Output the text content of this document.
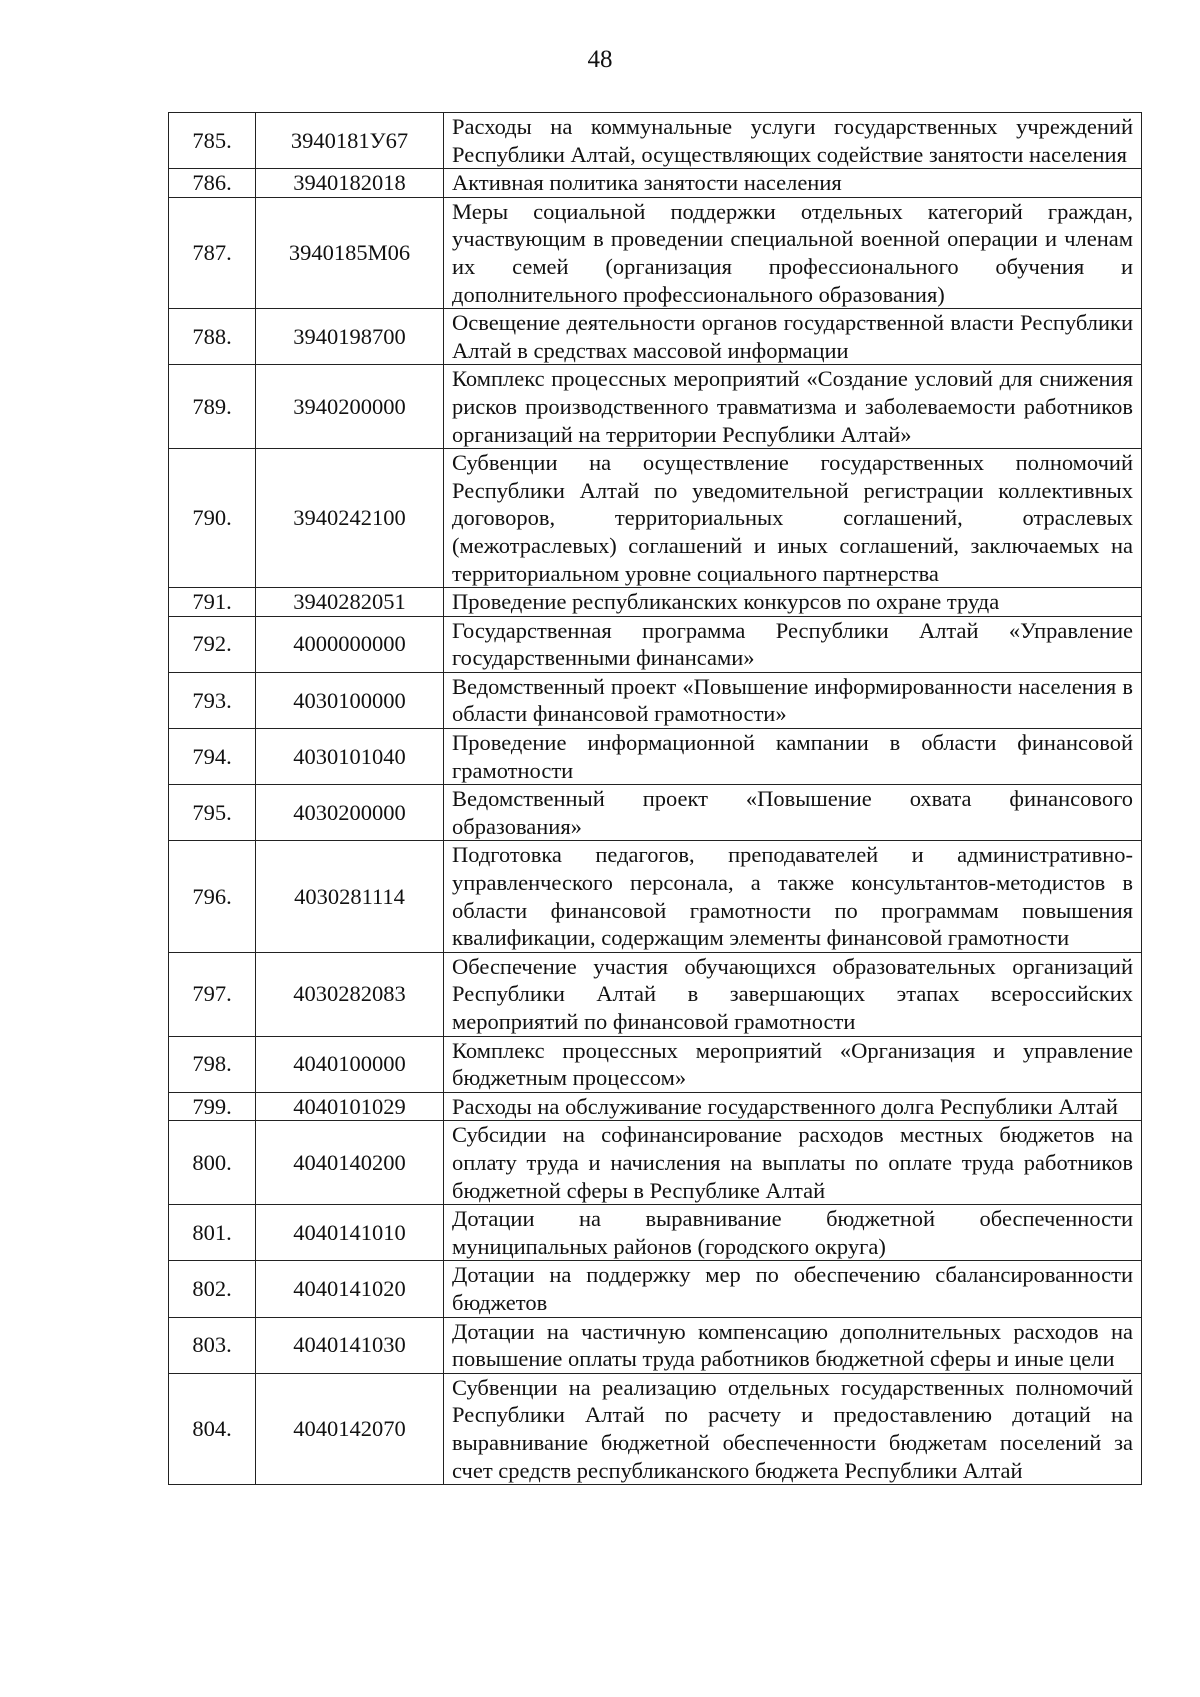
48
785.	3940181У67	Расходы на коммунальные услуги государственных учреждений Республики Алтай, осуществляющих содействие занятости населения
786.	3940182018	Активная политика занятости населения
787.	3940185М06	Меры социальной поддержки отдельных категорий граждан, участвующим в проведении специальной военной операции и членам их семей (организация профессионального обучения и дополнительного профессионального образования)
788.	3940198700	Освещение деятельности органов государственной власти Республики Алтай в средствах массовой информации
789.	3940200000	Комплекс процессных мероприятий «Создание условий для снижения рисков производственного травматизма и заболеваемости работников организаций на территории Республики Алтай»
790.	3940242100	Субвенции на осуществление государственных полномочий Республики Алтай по уведомительной регистрации коллективных договоров, территориальных соглашений, отраслевых (межотраслевых) соглашений и иных соглашений, заключаемых на территориальном уровне социального партнерства
791.	3940282051	Проведение республиканских конкурсов по охране труда
792.	4000000000	Государственная программа Республики Алтай «Управление государственными финансами»
793.	4030100000	Ведомственный проект «Повышение информированности населения в области финансовой грамотности»
794.	4030101040	Проведение информационной кампании в области финансовой грамотности
795.	4030200000	Ведомственный проект «Повышение охвата финансового образования»
796.	4030281114	Подготовка педагогов, преподавателей и административно-управленческого персонала, а также консультантов-методистов в области финансовой грамотности по программам повышения квалификации, содержащим элементы финансовой грамотности
797.	4030282083	Обеспечение участия обучающихся образовательных организаций Республики Алтай в завершающих этапах всероссийских мероприятий по финансовой грамотности
798.	4040100000	Комплекс процессных мероприятий «Организация и управление бюджетным процессом»
799.	4040101029	Расходы на обслуживание государственного долга Республики Алтай
800.	4040140200	Субсидии на софинансирование расходов местных бюджетов на оплату труда и начисления на выплаты по оплате труда работников бюджетной сферы в Республике Алтай
801.	4040141010	Дотации на выравнивание бюджетной обеспеченности муниципальных районов (городского округа)
802.	4040141020	Дотации на поддержку мер по обеспечению сбалансированности бюджетов
803.	4040141030	Дотации на частичную компенсацию дополнительных расходов на повышение оплаты труда работников бюджетной сферы и иные цели
804.	4040142070	Субвенции на реализацию отдельных государственных полномочий Республики Алтай по расчету и предоставлению дотаций на выравнивание бюджетной обеспеченности бюджетам поселений за счет средств республиканского бюджета Республики Алтай
